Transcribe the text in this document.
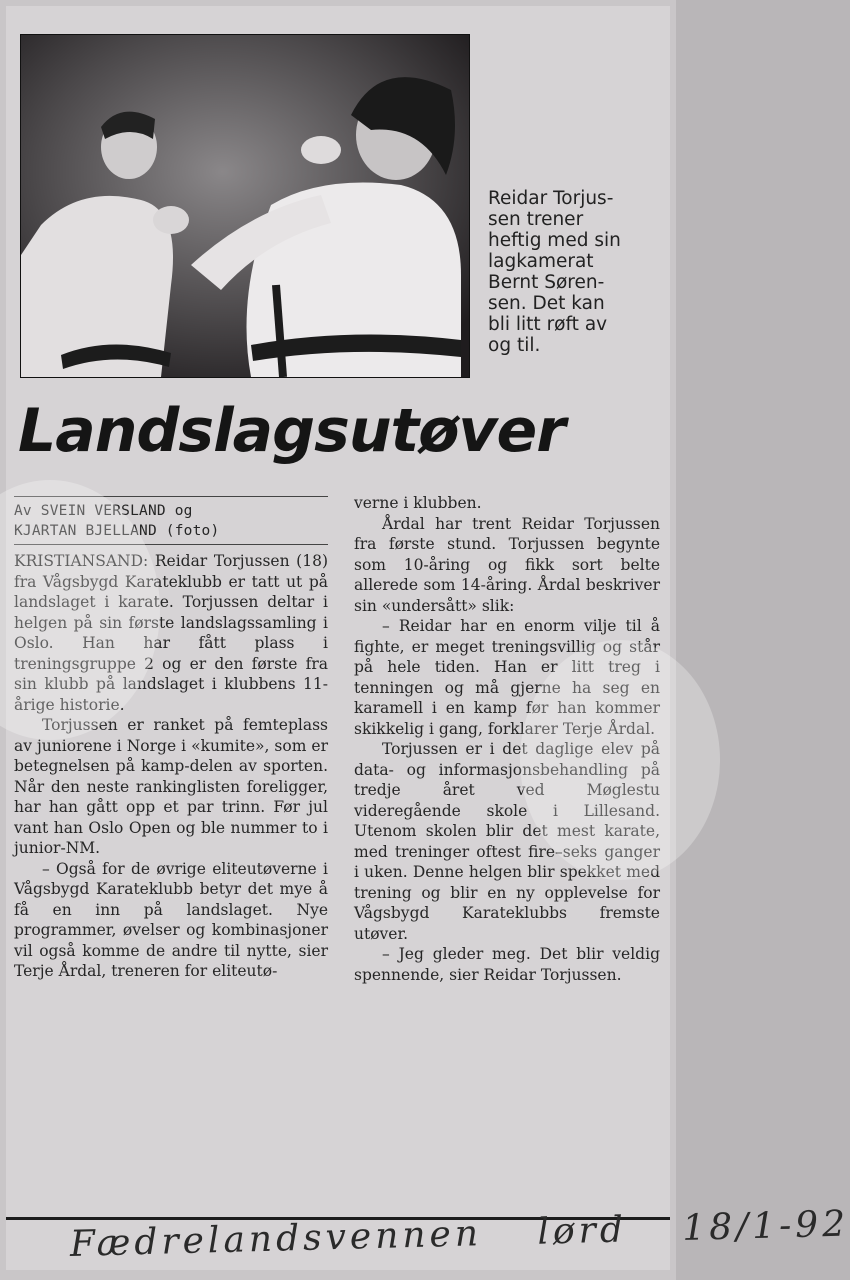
Reidar Torjus-
sen trener
heftig med sin
lagkamerat
Bernt Søren-
sen. Det kan
bli litt røft av
og til.
Landslagsutøver
Av SVEIN VERSLAND og
KJARTAN BJELLAND (foto)

KRISTIANSAND: Reidar Torjussen (18) fra Vågsbygd Karateklubb er tatt ut på landslaget i karate. Torjussen deltar i helgen på sin første landslagssamling i Oslo. Han har fått plass i treningsgruppe 2 og er den første fra sin klubb på landslaget i klubbens 11-årige historie.

Torjussen er ranket på femteplass av juniorene i Norge i «kumite», som er betegnelsen på kamp-delen av sporten. Når den neste rankinglisten foreligger, har han gått opp et par trinn. Før jul vant han Oslo Open og ble nummer to i junior-NM.

– Også for de øvrige eliteutøverne i Vågsbygd Karateklubb betyr det mye å få en inn på landslaget. Nye programmer, øvelser og kombinasjoner vil også komme de andre til nytte, sier Terje Årdal, treneren for eliteutø-

verne i klubben.

Årdal har trent Reidar Torjussen fra første stund. Torjussen begynte som 10-åring og fikk sort belte allerede som 14-åring. Årdal beskriver sin «undersått» slik:

– Reidar har en enorm vilje til å fighte, er meget treningsvillig og står på hele tiden. Han er litt treg i tenningen og må gjerne ha seg en karamell i en kamp før han kommer skikkelig i gang, forklarer Terje Årdal.

Torjussen er i det daglige elev på data- og informasjonsbehandling på tredje året ved Møglestu videregående skole i Lillesand. Utenom skolen blir det mest karate, med treninger oftest fire–seks ganger i uken. Denne helgen blir spekket med trening og blir en ny opplevelse for Vågsbygd Karateklubbs fremste utøver.

– Jeg gleder meg. Det blir veldig spennende, sier Reidar Torjussen.

Fædrelandsvennen lørd 18/1-92
